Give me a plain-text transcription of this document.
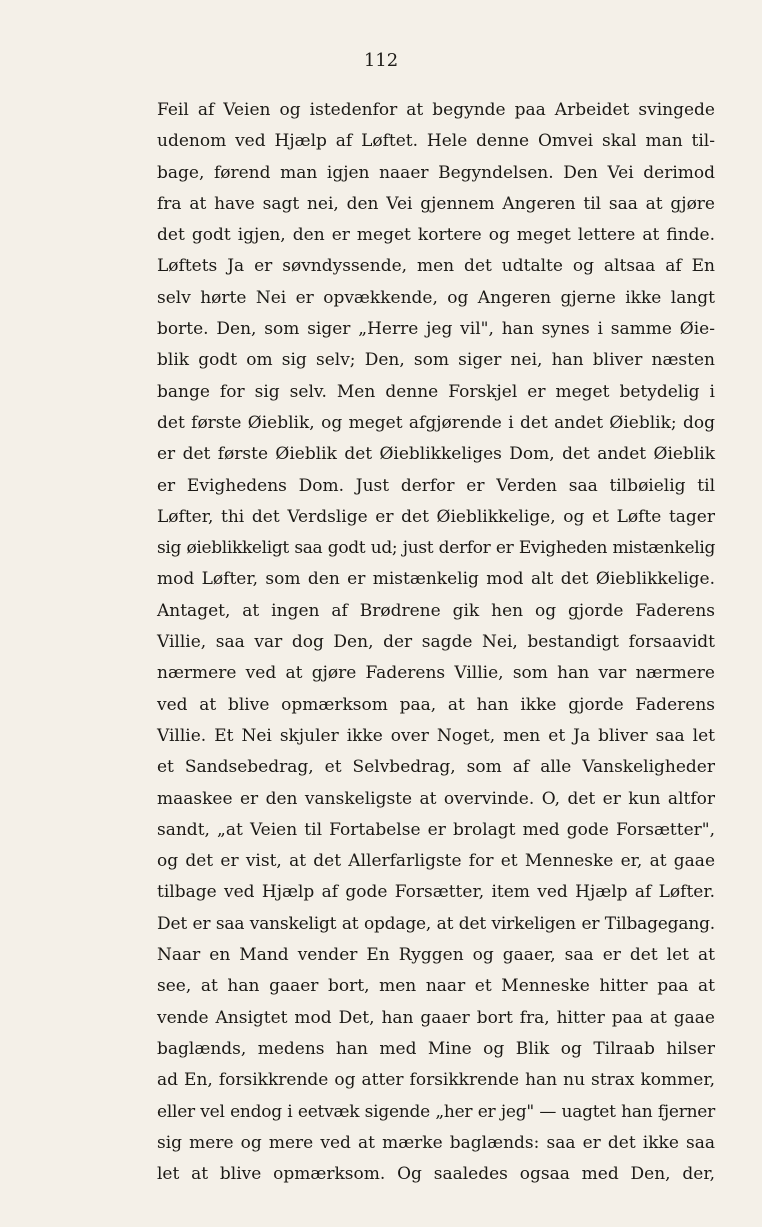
112
Feil af Veien og istedenfor at begynde paa Arbeidet svingede
udenom ved Hjælp af Løftet. Hele denne Omvei skal man til-
bage, førend man igjen naaer Begyndelsen. Den Vei derimod
fra at have sagt nei, den Vei gjennem Angeren til saa at gjøre
det godt igjen, den er meget kortere og meget lettere at finde.
Løftets Ja er søvndyssende, men det udtalte og altsaa af En
selv hørte Nei er opvækkende, og Angeren gjerne ikke langt
borte. Den, som siger „Herre jeg vil", han synes i samme Øie-
blik godt om sig selv; Den, som siger nei, han bliver næsten
bange for sig selv. Men denne Forskjel er meget betydelig i
det første Øieblik, og meget afgjørende i det andet Øieblik; dog
er det første Øieblik det Øieblikkeliges Dom, det andet Øieblik
er Evighedens Dom. Just derfor er Verden saa tilbøielig til
Løfter, thi det Verdslige er det Øieblikkelige, og et Løfte tager
sig øieblikkeligt saa godt ud; just derfor er Evigheden mistænkelig
mod Løfter, som den er mistænkelig mod alt det Øieblikkelige.
Antaget, at ingen af Brødrene gik hen og gjorde Faderens
Villie, saa var dog Den, der sagde Nei, bestandigt forsaavidt
nærmere ved at gjøre Faderens Villie, som han var nærmere
ved at blive opmærksom paa, at han ikke gjorde Faderens
Villie. Et Nei skjuler ikke over Noget, men et Ja bliver saa let
et Sandsebedrag, et Selvbedrag, som af alle Vanskeligheder
maaskee er den vanskeligste at overvinde. O, det er kun altfor
sandt, „at Veien til Fortabelse er brolagt med gode Forsætter",
og det er vist, at det Allerfarligste for et Menneske er, at gaae
tilbage ved Hjælp af gode Forsætter, item ved Hjælp af Løfter.
Det er saa vanskeligt at opdage, at det virkeligen er Tilbagegang.
Naar en Mand vender En Ryggen og gaaer, saa er det let at
see, at han gaaer bort, men naar et Menneske hitter paa at
vende Ansigtet mod Det, han gaaer bort fra, hitter paa at gaae
baglænds, medens han med Mine og Blik og Tilraab hilser
ad En, forsikkrende og atter forsikkrende han nu strax kommer,
eller vel endog i eetvæk sigende „her er jeg" — uagtet han fjerner
sig mere og mere ved at mærke baglænds: saa er det ikke saa
let at blive opmærksom. Og saaledes ogsaa med Den, der,
